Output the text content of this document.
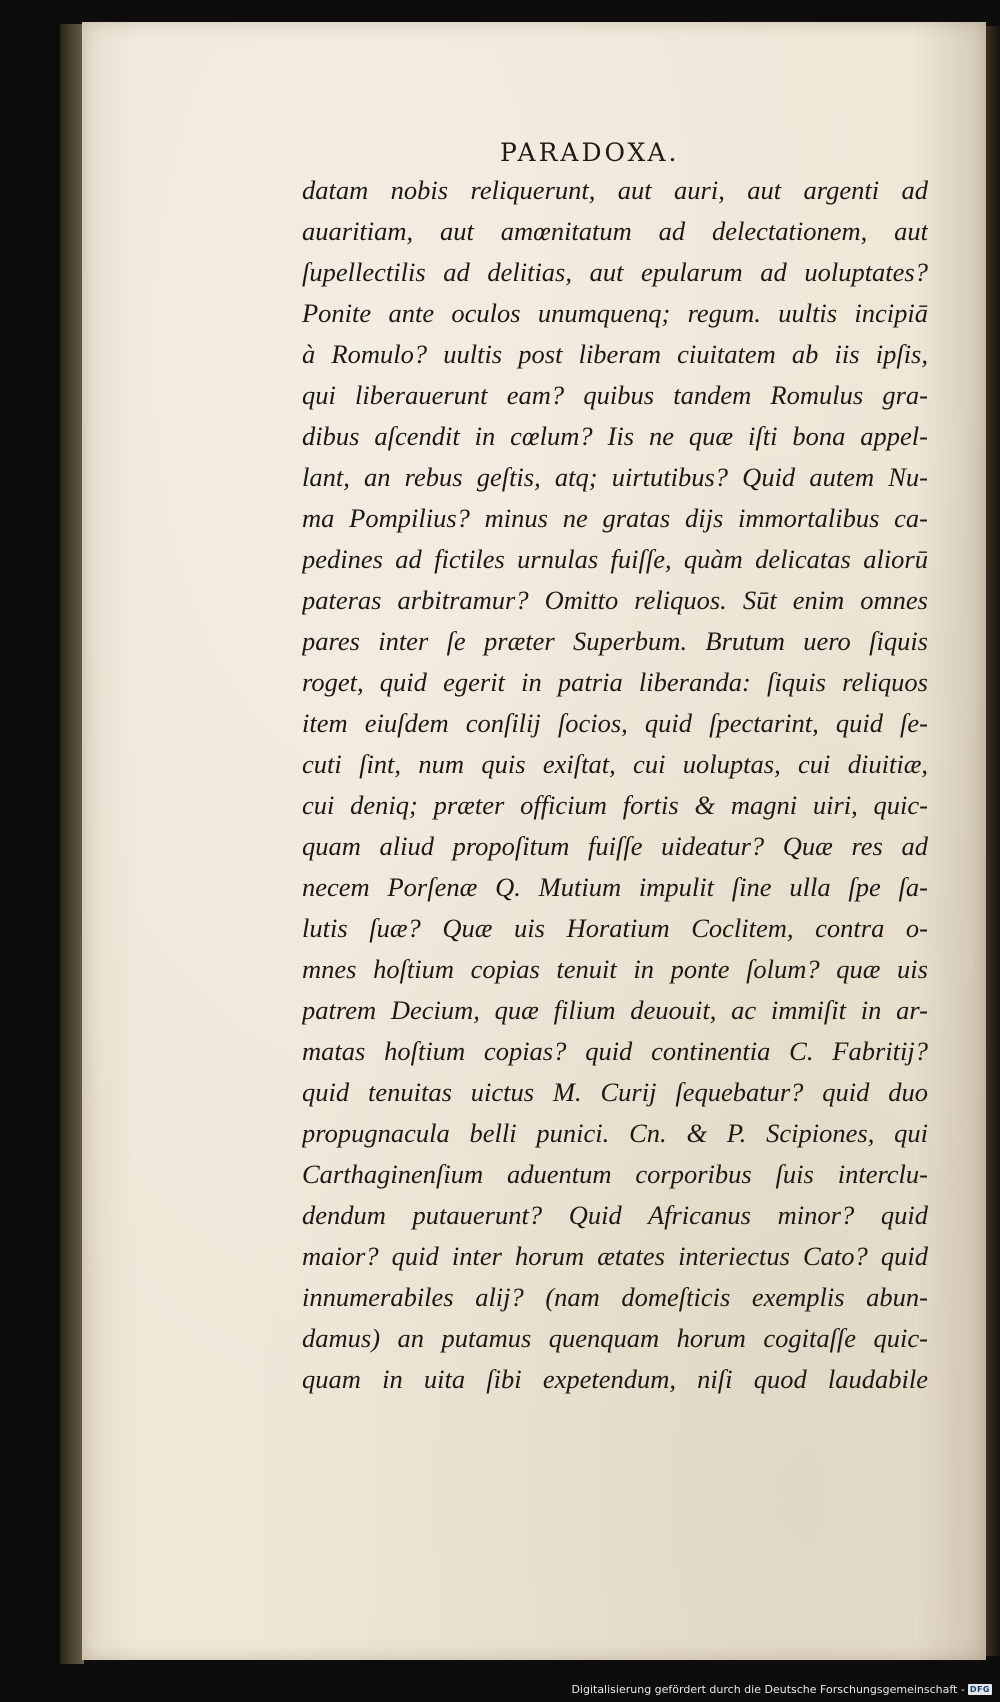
PARADOXA.
datam nobis reliquerunt, aut auri, aut argenti ad
auaritiam, aut amœnitatum ad delectationem, aut
ſupellectilis ad delitias, aut epularum ad uoluptates?
Ponite ante oculos unumquenq; regum. uultis incipiā
à Romulo? uultis post liberam ciuitatem ab iis ipſis,
qui liberauerunt eam? quibus tandem Romulus gra-
dibus aſcendit in cœlum? Iis ne quæ iſti bona appel-
lant, an rebus geſtis, atq; uirtutibus? Quid autem Nu-
ma Pompilius? minus ne gratas dijs immortalibus ca-
pedines ad fictiles urnulas fuiſſe, quàm delicatas aliorū
pateras arbitramur? Omitto reliquos. Sūt enim omnes
pares inter ſe præter Superbum. Brutum uero ſiquis
roget, quid egerit in patria liberanda: ſiquis reliquos
item eiuſdem conſilij ſocios, quid ſpectarint, quid ſe-
cuti ſint, num quis exiſtat, cui uoluptas, cui diuitiæ,
cui deniq; præter officium fortis & magni uiri, quic-
quam aliud propoſitum fuiſſe uideatur? Quæ res ad
necem Porſenæ Q. Mutium impulit ſine ulla ſpe ſa-
lutis ſuæ? Quæ uis Horatium Coclitem, contra o-
mnes hoſtium copias tenuit in ponte ſolum? quæ uis
patrem Decium, quæ filium deuouit, ac immiſit in ar-
matas hoſtium copias? quid continentia C. Fabritij?
quid tenuitas uictus M. Curij ſequebatur? quid duo
propugnacula belli punici. Cn. & P. Scipiones, qui
Carthaginenſium aduentum corporibus ſuis interclu-
dendum putauerunt? Quid Africanus minor? quid
maior? quid inter horum ætates interiectus Cato? quid
innumerabiles alij? (nam domeſticis exemplis abun-
damus) an putamus quenquam horum cogitaſſe quic-
quam in uita ſibi expetendum, niſi quod laudabile
Digitalisierung gefördert durch die Deutsche Forschungsgemeinschaft - DFG
